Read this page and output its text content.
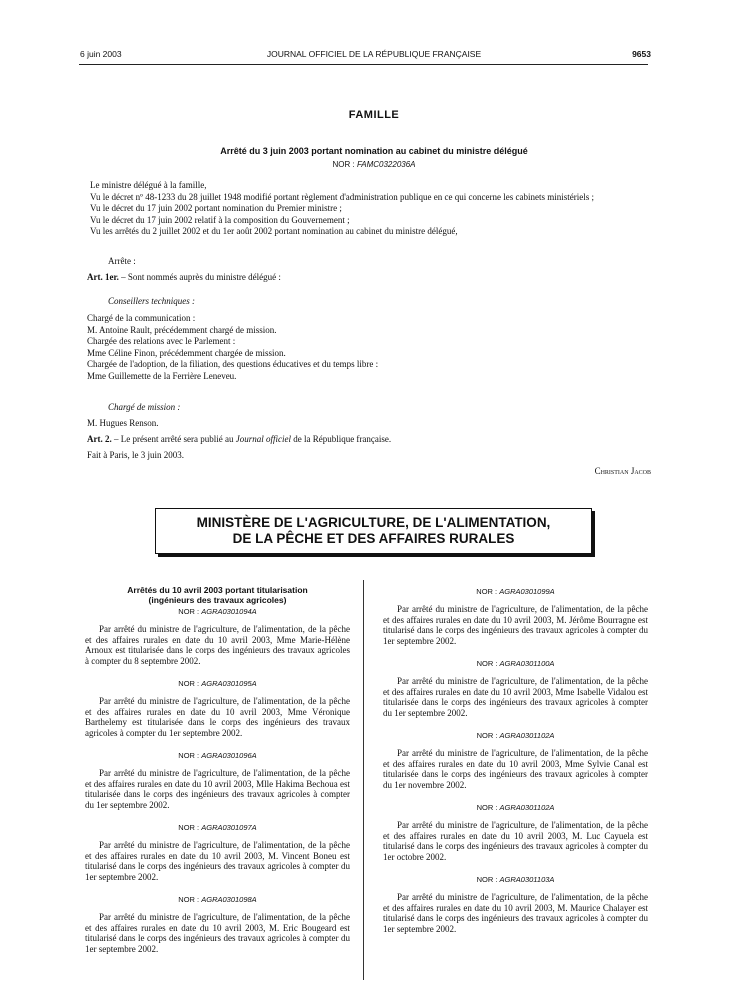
6 juin 2003	JOURNAL OFFICIEL DE LA RÉPUBLIQUE FRANÇAISE	9653
FAMILLE
Arrêté du 3 juin 2003 portant nomination au cabinet du ministre délégué
NOR : FAMC0322036A
Le ministre délégué à la famille,
Vu le décret nº 48-1233 du 28 juillet 1948 modifié portant règlement d'administration publique en ce qui concerne les cabinets ministériels ;
Vu le décret du 17 juin 2002 portant nomination du Premier ministre ;
Vu le décret du 17 juin 2002 relatif à la composition du Gouvernement ;
Vu les arrêtés du 2 juillet 2002 et du 1er août 2002 portant nomination au cabinet du ministre délégué,
Arrête :
Art. 1er. – Sont nommés auprès du ministre délégué :
Conseillers techniques :
Chargé de la communication :
M. Antoine Rault, précédemment chargé de mission.
Chargée des relations avec le Parlement :
Mme Céline Finon, précédemment chargée de mission.
Chargée de l'adoption, de la filiation, des questions éducatives et du temps libre :
Mme Guillemette de la Ferrière Leneveu.
Chargé de mission :
M. Hugues Renson.
Art. 2. – Le présent arrêté sera publié au Journal officiel de la République française.
Fait à Paris, le 3 juin 2003.
Christian Jacob
MINISTÈRE DE L'AGRICULTURE, DE L'ALIMENTATION,
DE LA PÊCHE ET DES AFFAIRES RURALES
Arrêtés du 10 avril 2003 portant titularisation
(ingénieurs des travaux agricoles)
NOR : AGRA0301094A

Par arrêté du ministre de l'agriculture, de l'alimentation, de la pêche et des affaires rurales en date du 10 avril 2003, Mme Marie-Hélène Arnoux est titularisée dans le corps des ingénieurs des travaux agricoles à compter du 8 septembre 2002.

NOR : AGRA0301095A

Par arrêté du ministre de l'agriculture, de l'alimentation, de la pêche et des affaires rurales en date du 10 avril 2003, Mme Véronique Barthelemy est titularisée dans le corps des ingénieurs des travaux agricoles à compter du 1er septembre 2002.

NOR : AGRA0301096A

Par arrêté du ministre de l'agriculture, de l'alimentation, de la pêche et des affaires rurales en date du 10 avril 2003, Mlle Hakima Bechoua est titularisée dans le corps des ingénieurs des travaux agricoles à compter du 1er septembre 2002.

NOR : AGRA0301097A

Par arrêté du ministre de l'agriculture, de l'alimentation, de la pêche et des affaires rurales en date du 10 avril 2003, M. Vincent Boneu est titularisé dans le corps des ingénieurs des travaux agricoles à compter du 1er septembre 2002.

NOR : AGRA0301098A

Par arrêté du ministre de l'agriculture, de l'alimentation, de la pêche et des affaires rurales en date du 10 avril 2003, M. Eric Bougeard est titularisé dans le corps des ingénieurs des travaux agricoles à compter du 1er septembre 2002.

NOR : AGRA0301099A

Par arrêté du ministre de l'agriculture, de l'alimentation, de la pêche et des affaires rurales en date du 10 avril 2003, M. Jérôme Bourragne est titularisé dans le corps des ingénieurs des travaux agricoles à compter du 1er septembre 2002.

NOR : AGRA0301100A

Par arrêté du ministre de l'agriculture, de l'alimentation, de la pêche et des affaires rurales en date du 10 avril 2003, Mme Isabelle Vidalou est titularisée dans le corps des ingénieurs des travaux agricoles à compter du 1er septembre 2002.

NOR : AGRA0301102A

Par arrêté du ministre de l'agriculture, de l'alimentation, de la pêche et des affaires rurales en date du 10 avril 2003, Mme Sylvie Canal est titularisée dans le corps des ingénieurs des travaux agricoles à compter du 1er novembre 2002.

NOR : AGRA0301102A

Par arrêté du ministre de l'agriculture, de l'alimentation, de la pêche et des affaires rurales en date du 10 avril 2003, M. Luc Cayuela est titularisé dans le corps des ingénieurs des travaux agricoles à compter du 1er octobre 2002.

NOR : AGRA0301103A

Par arrêté du ministre de l'agriculture, de l'alimentation, de la pêche et des affaires rurales en date du 10 avril 2003, M. Maurice Chalayer est titularisé dans le corps des ingénieurs des travaux agricoles à compter du 1er septembre 2002.
